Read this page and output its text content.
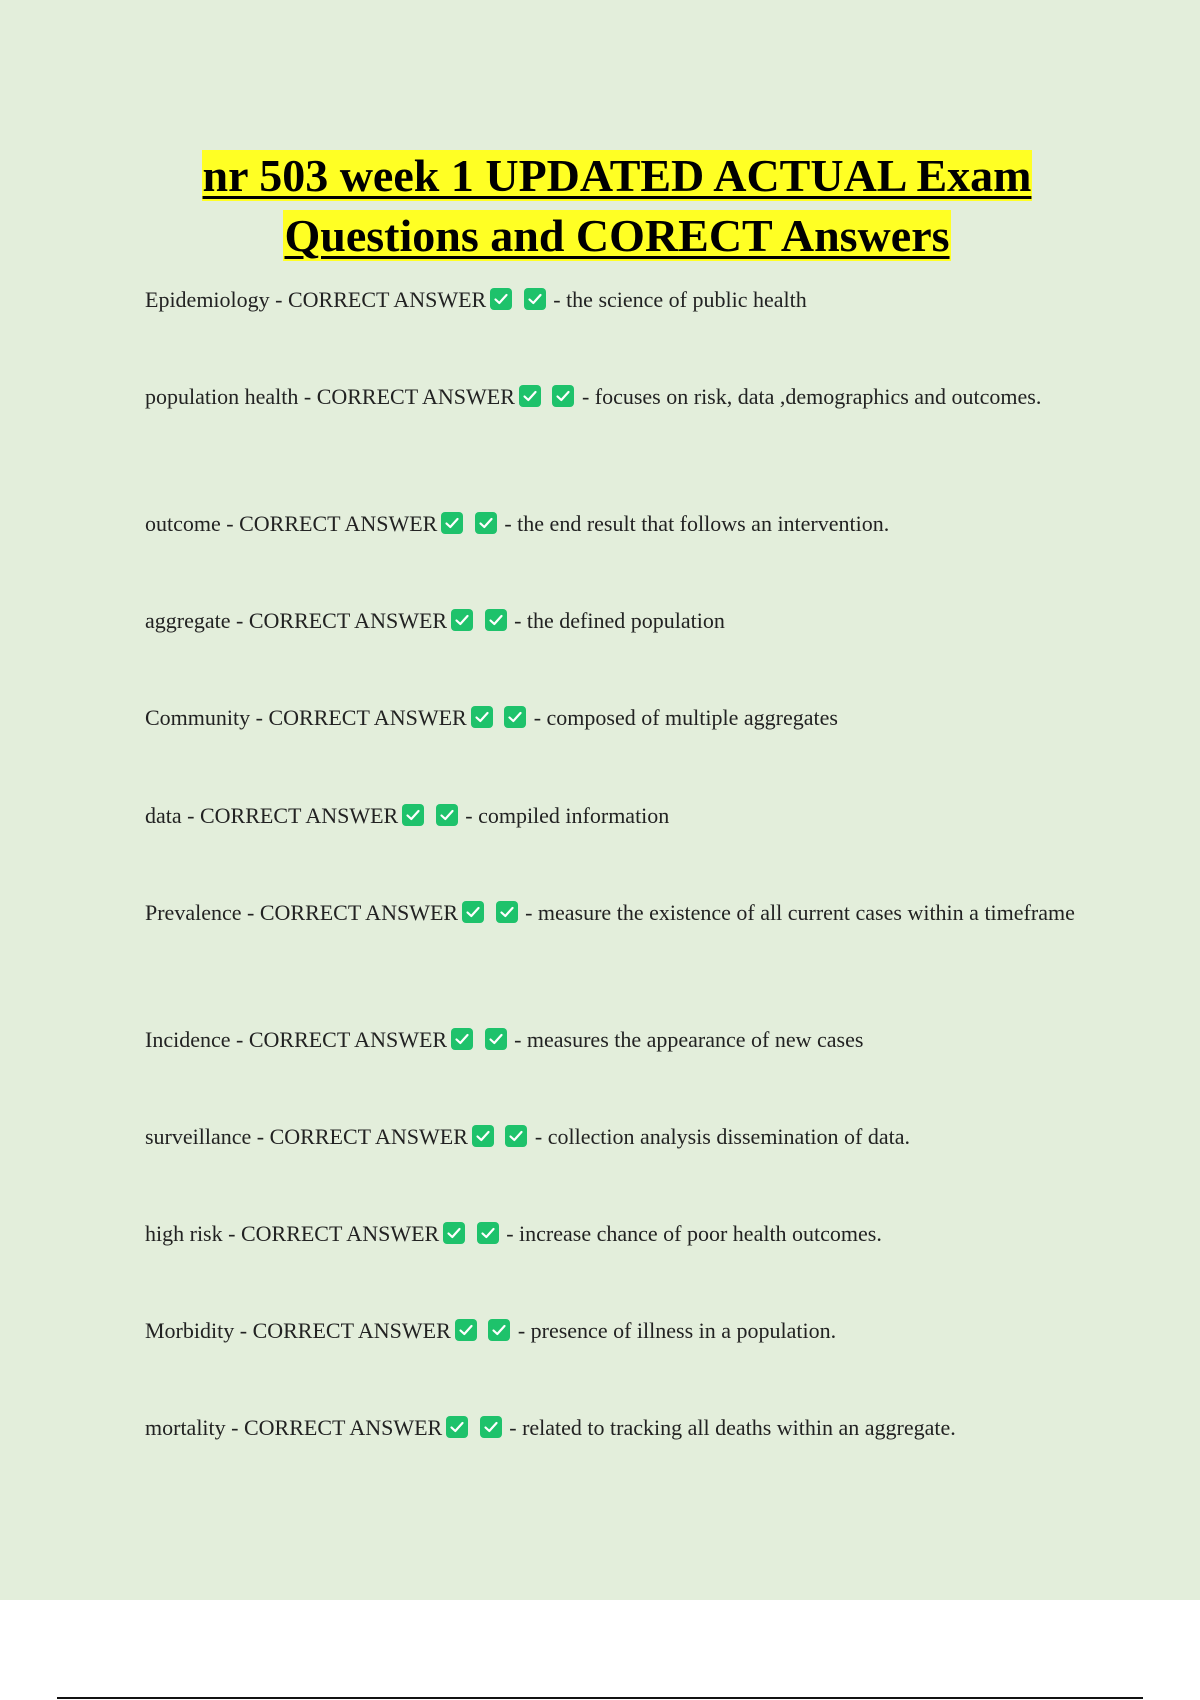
nr 503 week 1 UPDATED ACTUAL Exam
Questions and CORECT Answers
Epidemiology - CORRECT ANSWER
	- the science of public health
population health - CORRECT ANSWER
	- focuses on risk, data ,demographics and outcomes.
outcome - CORRECT ANSWER
	- the end result that follows an intervention.
aggregate - CORRECT ANSWER
	- the defined population
Community - CORRECT ANSWER
	- composed of multiple aggregates
data - CORRECT ANSWER
	- compiled information
Prevalence - CORRECT ANSWER
	- measure the existence of all current cases within a timeframe
Incidence - CORRECT ANSWER
	- measures the appearance of new cases
surveillance - CORRECT ANSWER
	- collection analysis dissemination of data.
high risk - CORRECT ANSWER
	- increase chance of poor health outcomes.
Morbidity - CORRECT ANSWER
	- presence of illness in a population.
mortality - CORRECT ANSWER
	- related to tracking all deaths within an aggregate.
